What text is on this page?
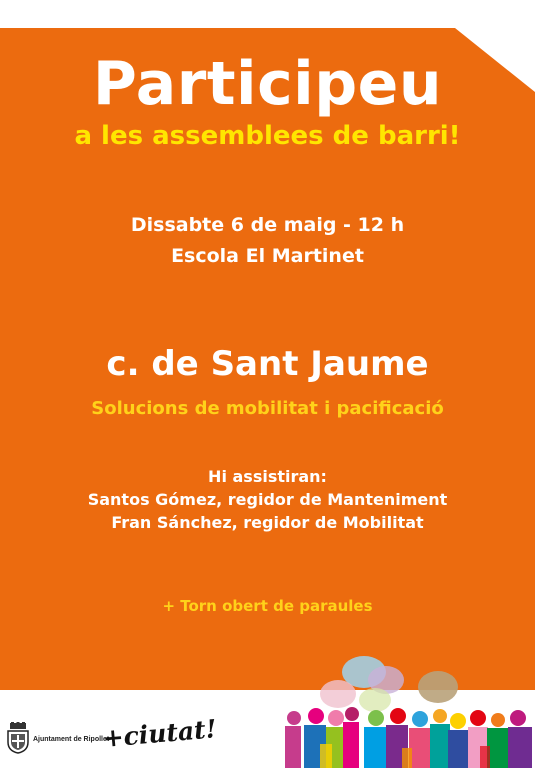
Participeu
a les assemblees de barri!
Dissabte 6 de maig - 12 h
Escola El Martinet
c. de Sant Jaume
Solucions de mobilitat i pacificació
Hi assistiran:
Santos Gómez, regidor de Manteniment
Fran Sánchez, regidor de Mobilitat
+ Torn obert de paraules
Ajuntament de Ripollet
+ciutat!
